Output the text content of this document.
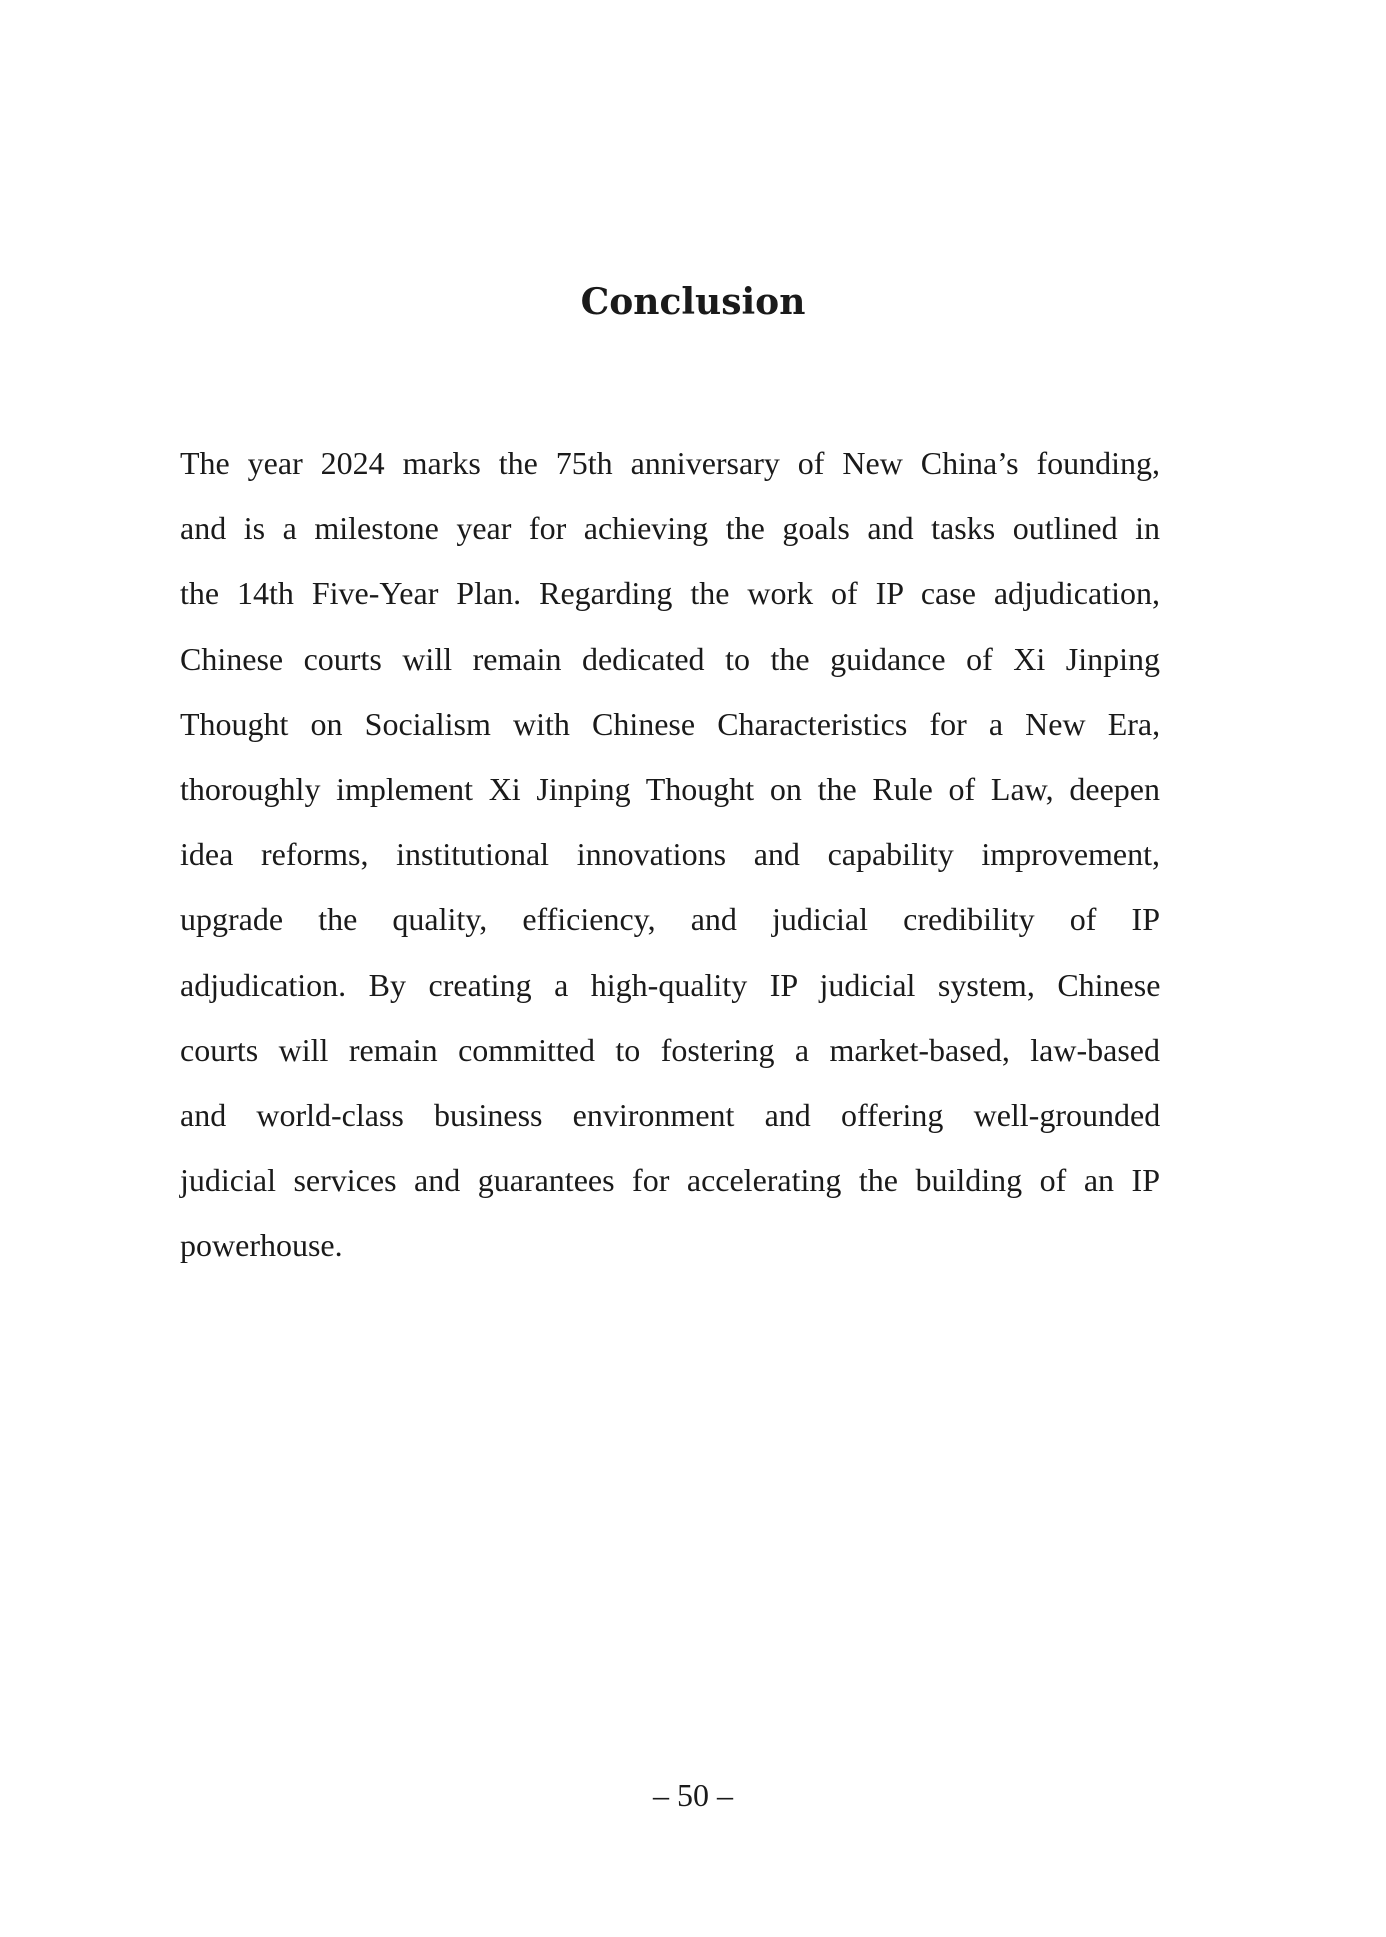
Conclusion
The year 2024 marks the 75th anniversary of New China’s founding,
and is a milestone year for achieving the goals and tasks outlined in
the 14th Five-Year Plan. Regarding the work of IP case adjudication,
Chinese courts will remain dedicated to the guidance of Xi Jinping
Thought on Socialism with Chinese Characteristics for a New Era,
thoroughly implement Xi Jinping Thought on the Rule of Law, deepen
idea reforms, institutional innovations and capability improvement,
upgrade the quality, efficiency, and judicial credibility of IP
adjudication. By creating a high-quality IP judicial system, Chinese
courts will remain committed to fostering a market-based, law-based
and world-class business environment and offering well-grounded
judicial services and guarantees for accelerating the building of an IP
powerhouse.
– 50 –
